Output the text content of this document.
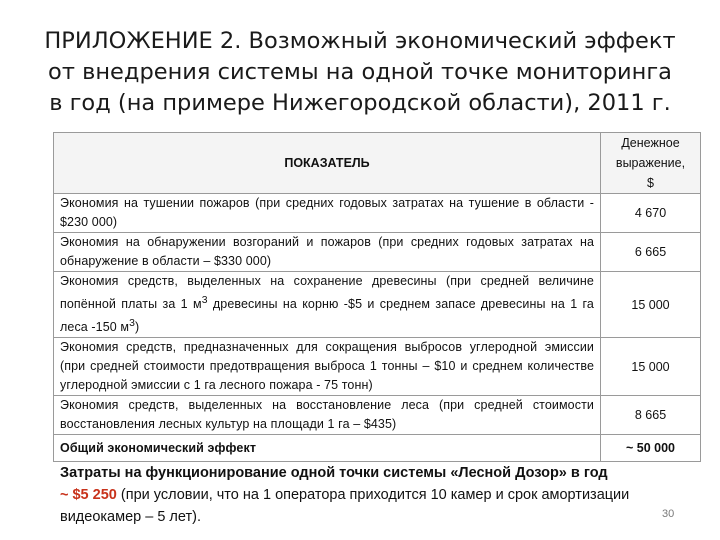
ПРИЛОЖЕНИЕ 2. Возможный экономический эффект от внедрения системы на одной точке мониторинга в год (на примере Нижегородской области), 2011 г.
ПОКАЗАТЕЛЬ	Денежное
выражение,
$
Экономия на тушении пожаров (при средних годовых затратах на тушение в области - $230 000)	4 670
Экономия на обнаружении возгораний и пожаров (при средних годовых затратах на обнаружение в области – $330 000)	6 665
Экономия средств, выделенных на сохранение древесины (при средней величине попённой платы за 1 $м^3$ древесины на корню -$5 и среднем запасе древесины на 1 га леса -150 $м^3$)	15 000
Экономия средств, предназначенных для сокращения выбросов углеродной эмиссии (при средней стоимости предотвращения выброса 1 тонны – $10 и среднем количестве углеродной эмиссии с 1 га лесного пожара - 75 тонн)	15 000
Экономия средств, выделенных на восстановление леса (при средней стоимости восстановления лесных культур на площади 1 га – $435)	8 665
Общий экономический эффект	~ 50 000
Затраты на функционирование одной точки системы «Лесной Дозор» в год
~ $5 250 (при условии, что на 1 оператора приходится 10 камер и срок амортизации видеокамер – 5 лет).	30
